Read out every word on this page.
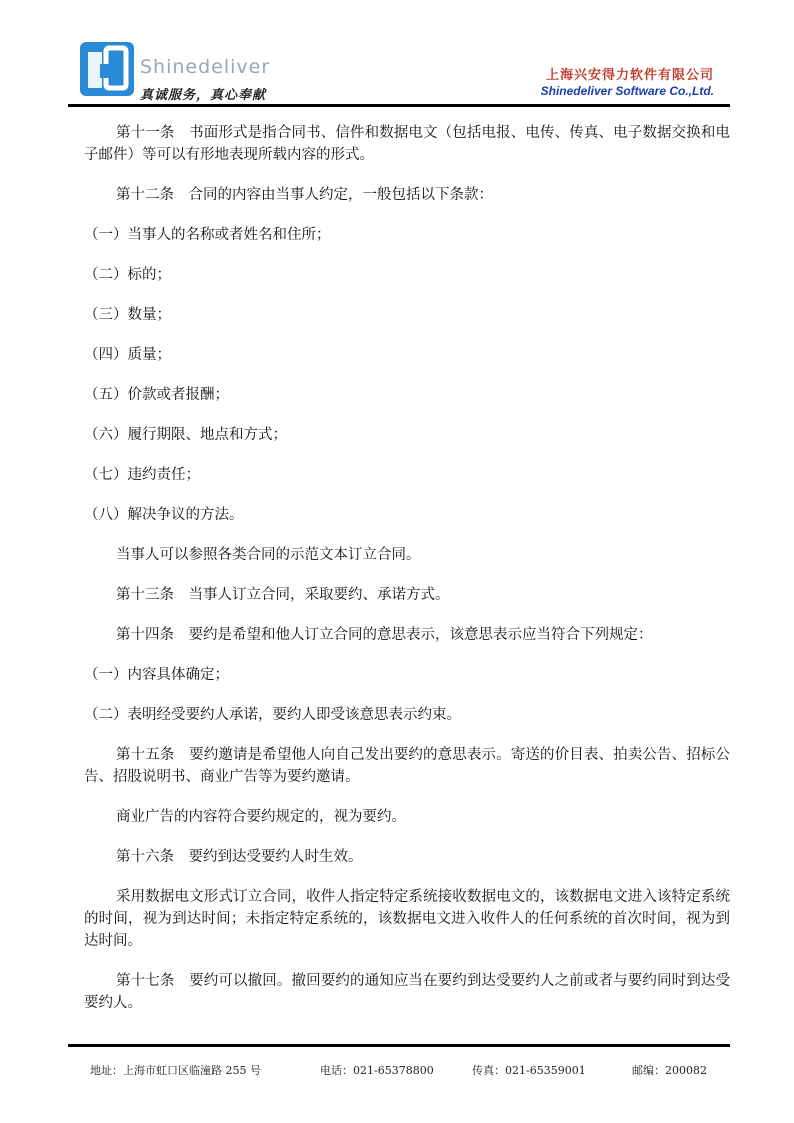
Shinedeliver
真诚服务，真心奉献
上海兴安得力软件有限公司
Shinedeliver Software Co.,Ltd.

第十一条　书面形式是指合同书、信件和数据电文（包括电报、电传、传真、电子数据交换和电子邮件）等可以有形地表现所载内容的形式。

第十二条　合同的内容由当事人约定，一般包括以下条款：

（一）当事人的名称或者姓名和住所；

（二）标的；

（三）数量；

（四）质量；

（五）价款或者报酬；

（六）履行期限、地点和方式；

（七）违约责任；

（八）解决争议的方法。

当事人可以参照各类合同的示范文本订立合同。

第十三条　当事人订立合同，采取要约、承诺方式。

第十四条　要约是希望和他人订立合同的意思表示，该意思表示应当符合下列规定：

（一）内容具体确定；

（二）表明经受要约人承诺，要约人即受该意思表示约束。

第十五条　要约邀请是希望他人向自己发出要约的意思表示。寄送的价目表、拍卖公告、招标公告、招股说明书、商业广告等为要约邀请。

商业广告的内容符合要约规定的，视为要约。

第十六条　要约到达受要约人时生效。

采用数据电文形式订立合同，收件人指定特定系统接收数据电文的，该数据电文进入该特定系统的时间，视为到达时间；未指定特定系统的，该数据电文进入收件人的任何系统的首次时间，视为到达时间。

第十七条　要约可以撤回。撤回要约的通知应当在要约到达受要约人之前或者与要约同时到达受要约人。

地址：上海市虹口区临潼路 255 号	电话：021-65378800	传真：021-65359001	邮编：200082
